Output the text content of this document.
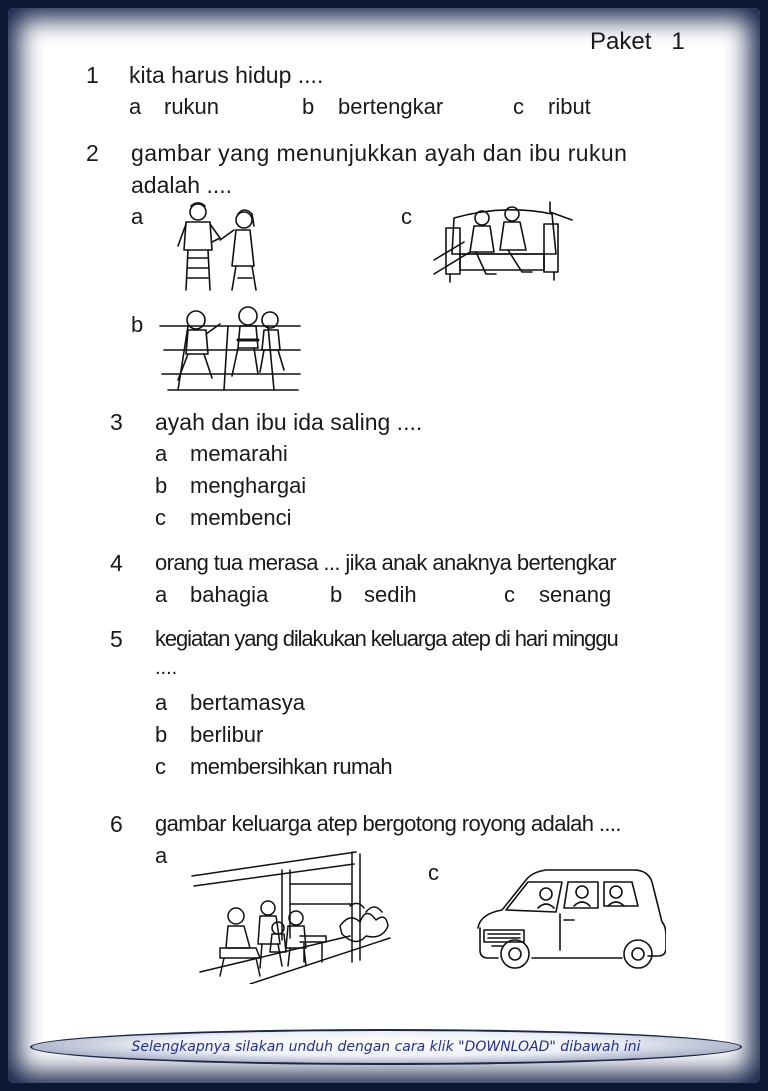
Paket 1
1 kita harus hidup ....
a rukun	b bertengkar	c ribut
2 gambar yang menunjukkan ayah dan ibu rukun
adalah ....
a	c
b
3 ayah dan ibu ida saling ....
a memarahi
b menghargai
c membenci
4 orang tua merasa ... jika anak anaknya bertengkar
a bahagia	b sedih	c senang
5 kegiatan yang dilakukan keluarga atep di hari minggu
....
a bertamasya
b berlibur
c membersihkan rumah
6 gambar keluarga atep bergotong royong adalah ....
a
c
Selengkapnya silakan unduh dengan cara klik "DOWNLOAD" dibawah ini
